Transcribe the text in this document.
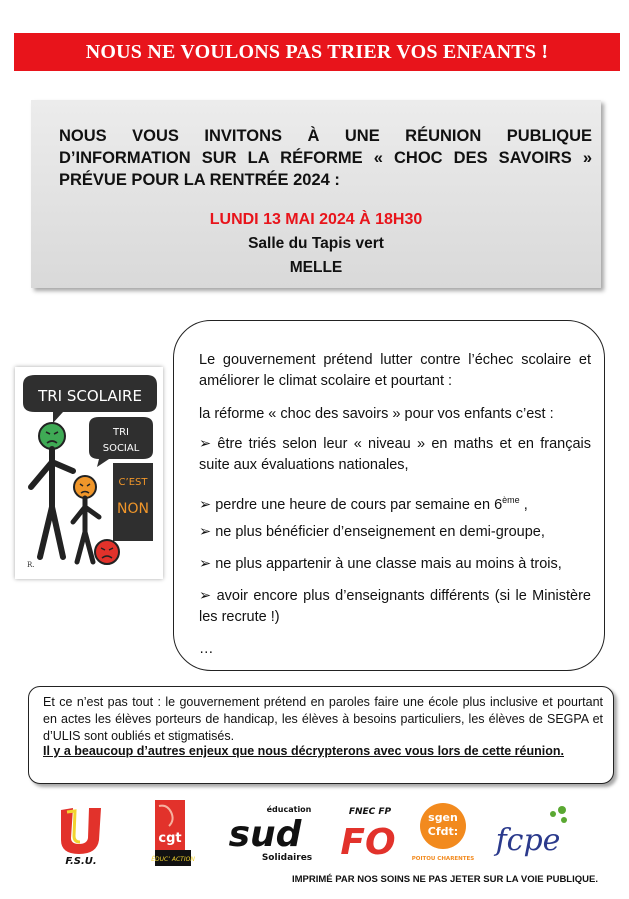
NOUS NE VOULONS PAS TRIER VOS ENFANTS !
NOUS VOUS INVITONS À UNE RÉUNION PUBLIQUE
D’INFORMATION SUR LA RÉFORME « CHOC DES SAVOIRS »

PRÉVUE POUR LA RENTRÉE 2024 :
LUNDI 13 MAI 2024 À 18H30
Salle du Tapis vert
MELLE
TRI SCOLAIRE
TRI
SOCIAL
C’EST
NON
R.

Le gouvernement prétend lutter contre l’échec scolaire et améliorer le climat scolaire et pourtant :

la réforme « choc des savoirs » pour vos enfants c’est :

➢ être triés selon leur « niveau » en maths et en français suite aux évaluations nationales,

➢ perdre une heure de cours par semaine en 6ème ,

➢ ne plus bénéficier d’enseignement en demi-groupe,

➢ ne plus appartenir à une classe mais au moins à trois,

➢ avoir encore plus d’enseignants différents (si le Ministère les recrute !)

…

Et ce n’est pas tout : le gouvernement prétend en paroles faire une école plus inclusive et pourtant en actes les élèves porteurs de handicap, les élèves à besoins particuliers, les élèves de SEGPA et d’ULIS sont oubliés et stigmatisés.
Il y a beaucoup d’autres enjeux que nous décrypterons avec vous lors de cette réunion.
F.S.U.
cgt
ÉDUC’ ACTION
éducation
sud
Solidaires
FNEC FP
FO
sgen
Cfdt:
POITOU CHARENTES
fcpe
IMPRIMÉ PAR NOS SOINS NE PAS JETER SUR LA VOIE PUBLIQUE.
